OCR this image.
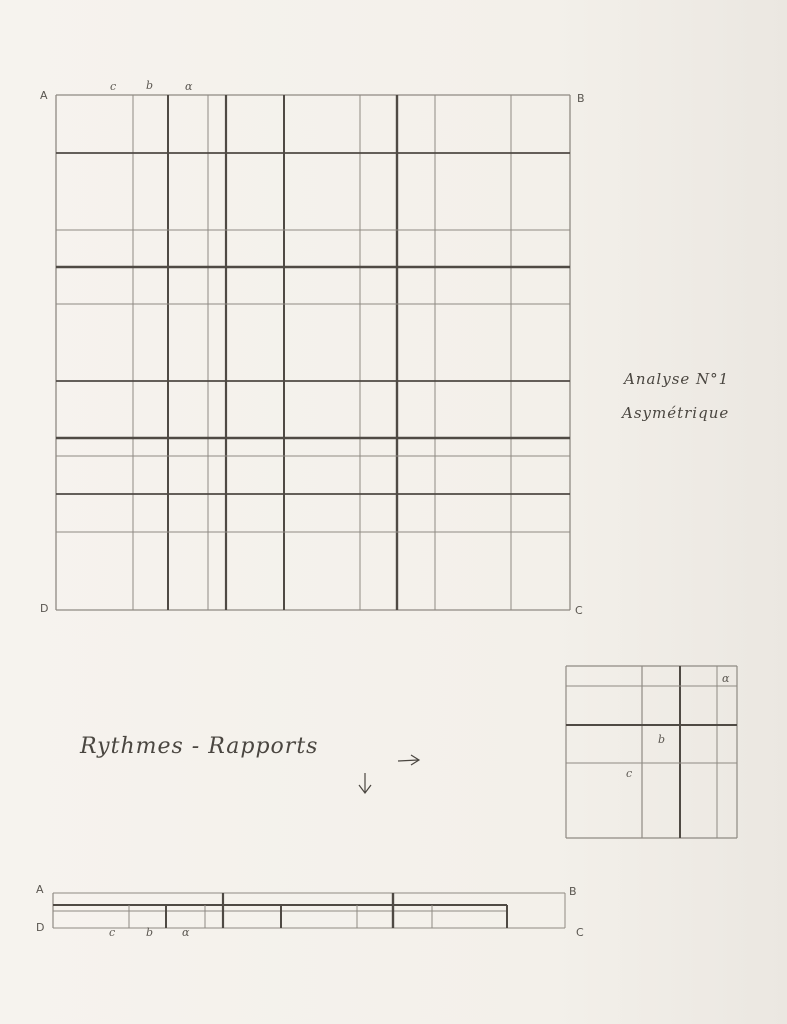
A	B
C
D
c	b	α
Analyse N°1
Asymétrique
Rythmes - Rapports
α
b
c
A	B
C
D	c	b	α
